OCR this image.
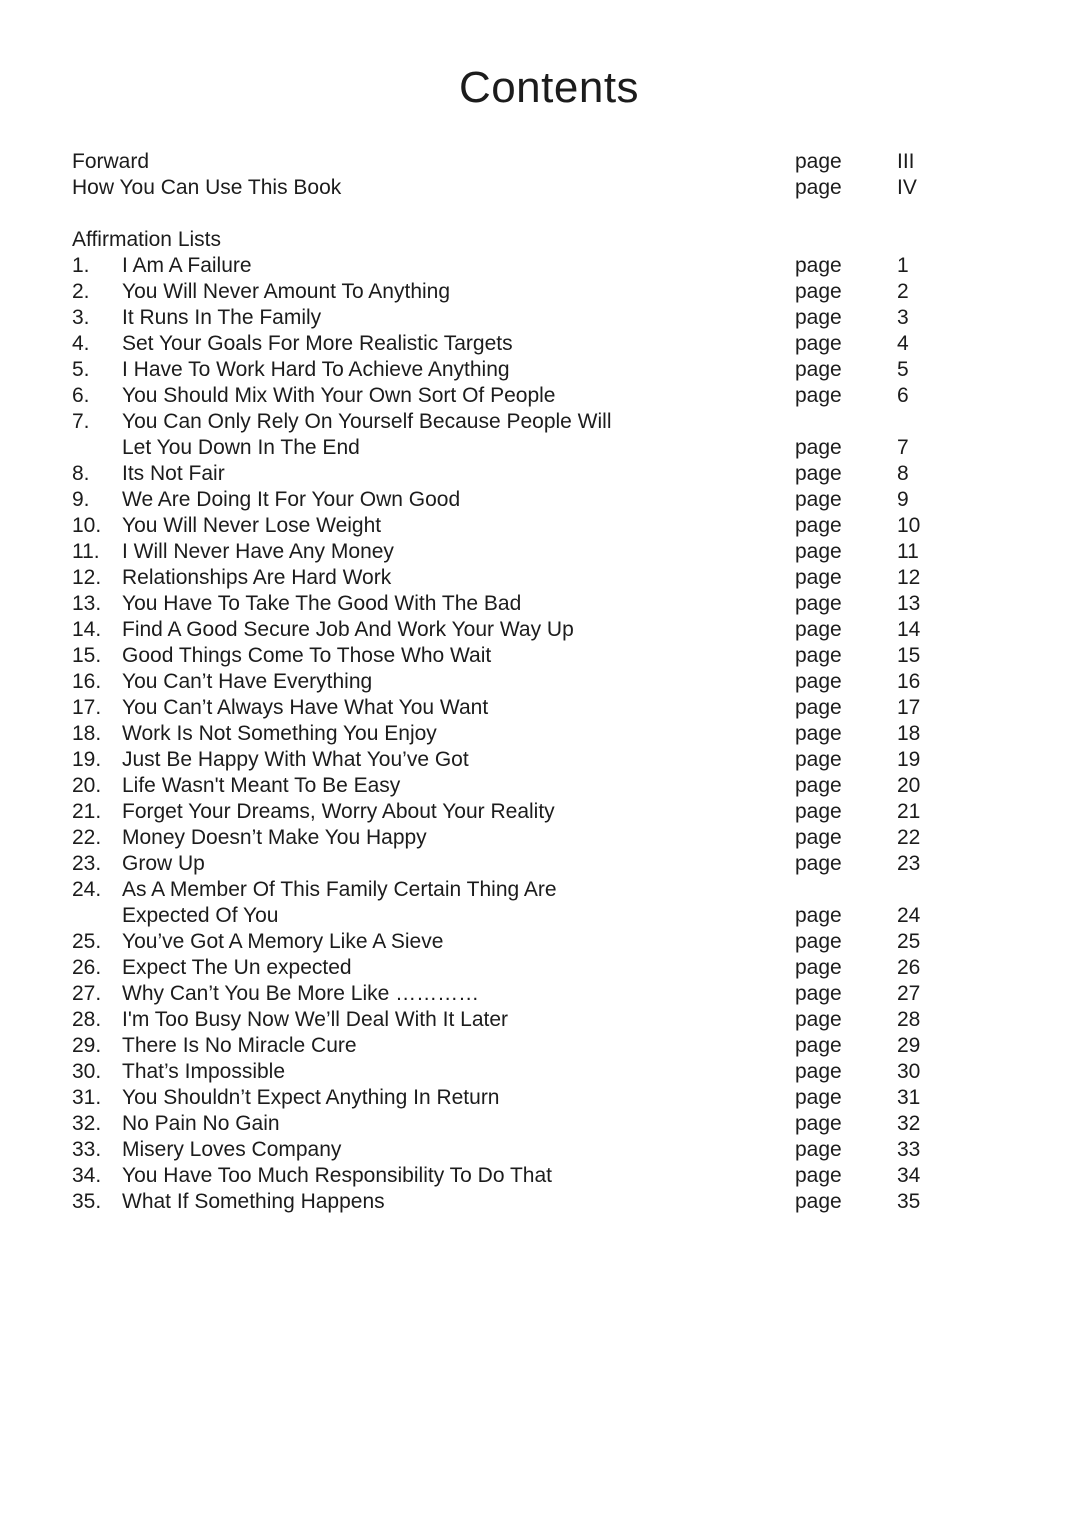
Contents
Forward	page	III
How You Can Use This Book	page	IV
Affirmation Lists
1.	I Am A Failure	page	1
2.	You Will Never Amount To Anything	page	2
3.	It Runs In The Family	page	3
4.	Set Your Goals For More Realistic Targets	page	4
5.	I Have To Work Hard To Achieve Anything	page	5
6.	You Should Mix With Your Own Sort Of People	page	6
7.	You Can Only Rely On Yourself Because People Will
Let You Down In The End	page	7
8.	Its Not Fair	page	8
9.	We Are Doing It For Your Own Good	page	9
10. You Will Never Lose Weight	page	10
11.	I Will Never Have Any Money	page	11
12. Relationships Are Hard Work	page	12
13. You Have To Take The Good With The Bad	page	13
14. Find A Good Secure Job And Work Your Way Up	page	14
15. Good Things Come To Those Who Wait	page	15
16. You Can’t Have Everything	page	16
17. You Can’t Always Have What You Want	page	17
18. Work Is Not Something You Enjoy	page	18
19. Just Be Happy With What You’ve Got	page	19
20. Life Wasn't Meant To Be Easy	page	20
21. Forget Your Dreams, Worry About Your Reality	page	21
22. Money Doesn’t Make You Happy	page	22
23. Grow Up	page	23
24. As A Member Of This Family Certain Thing Are
Expected Of You	page	24
25. You’ve Got A Memory Like A Sieve	page	25
26. Expect The Un expected	page	26
27. Why Can’t You Be More Like …………	page	27
28. I'm Too Busy Now We’ll Deal With It Later	page	28
29. There Is No Miracle Cure	page	29
30. That’s Impossible	page	30
31. You Shouldn’t Expect Anything In Return	page	31
32. No Pain No Gain	page	32
33. Misery Loves Company	page	33
34. You Have Too Much Responsibility To Do That	page	34
35. What If Something Happens	page	35
